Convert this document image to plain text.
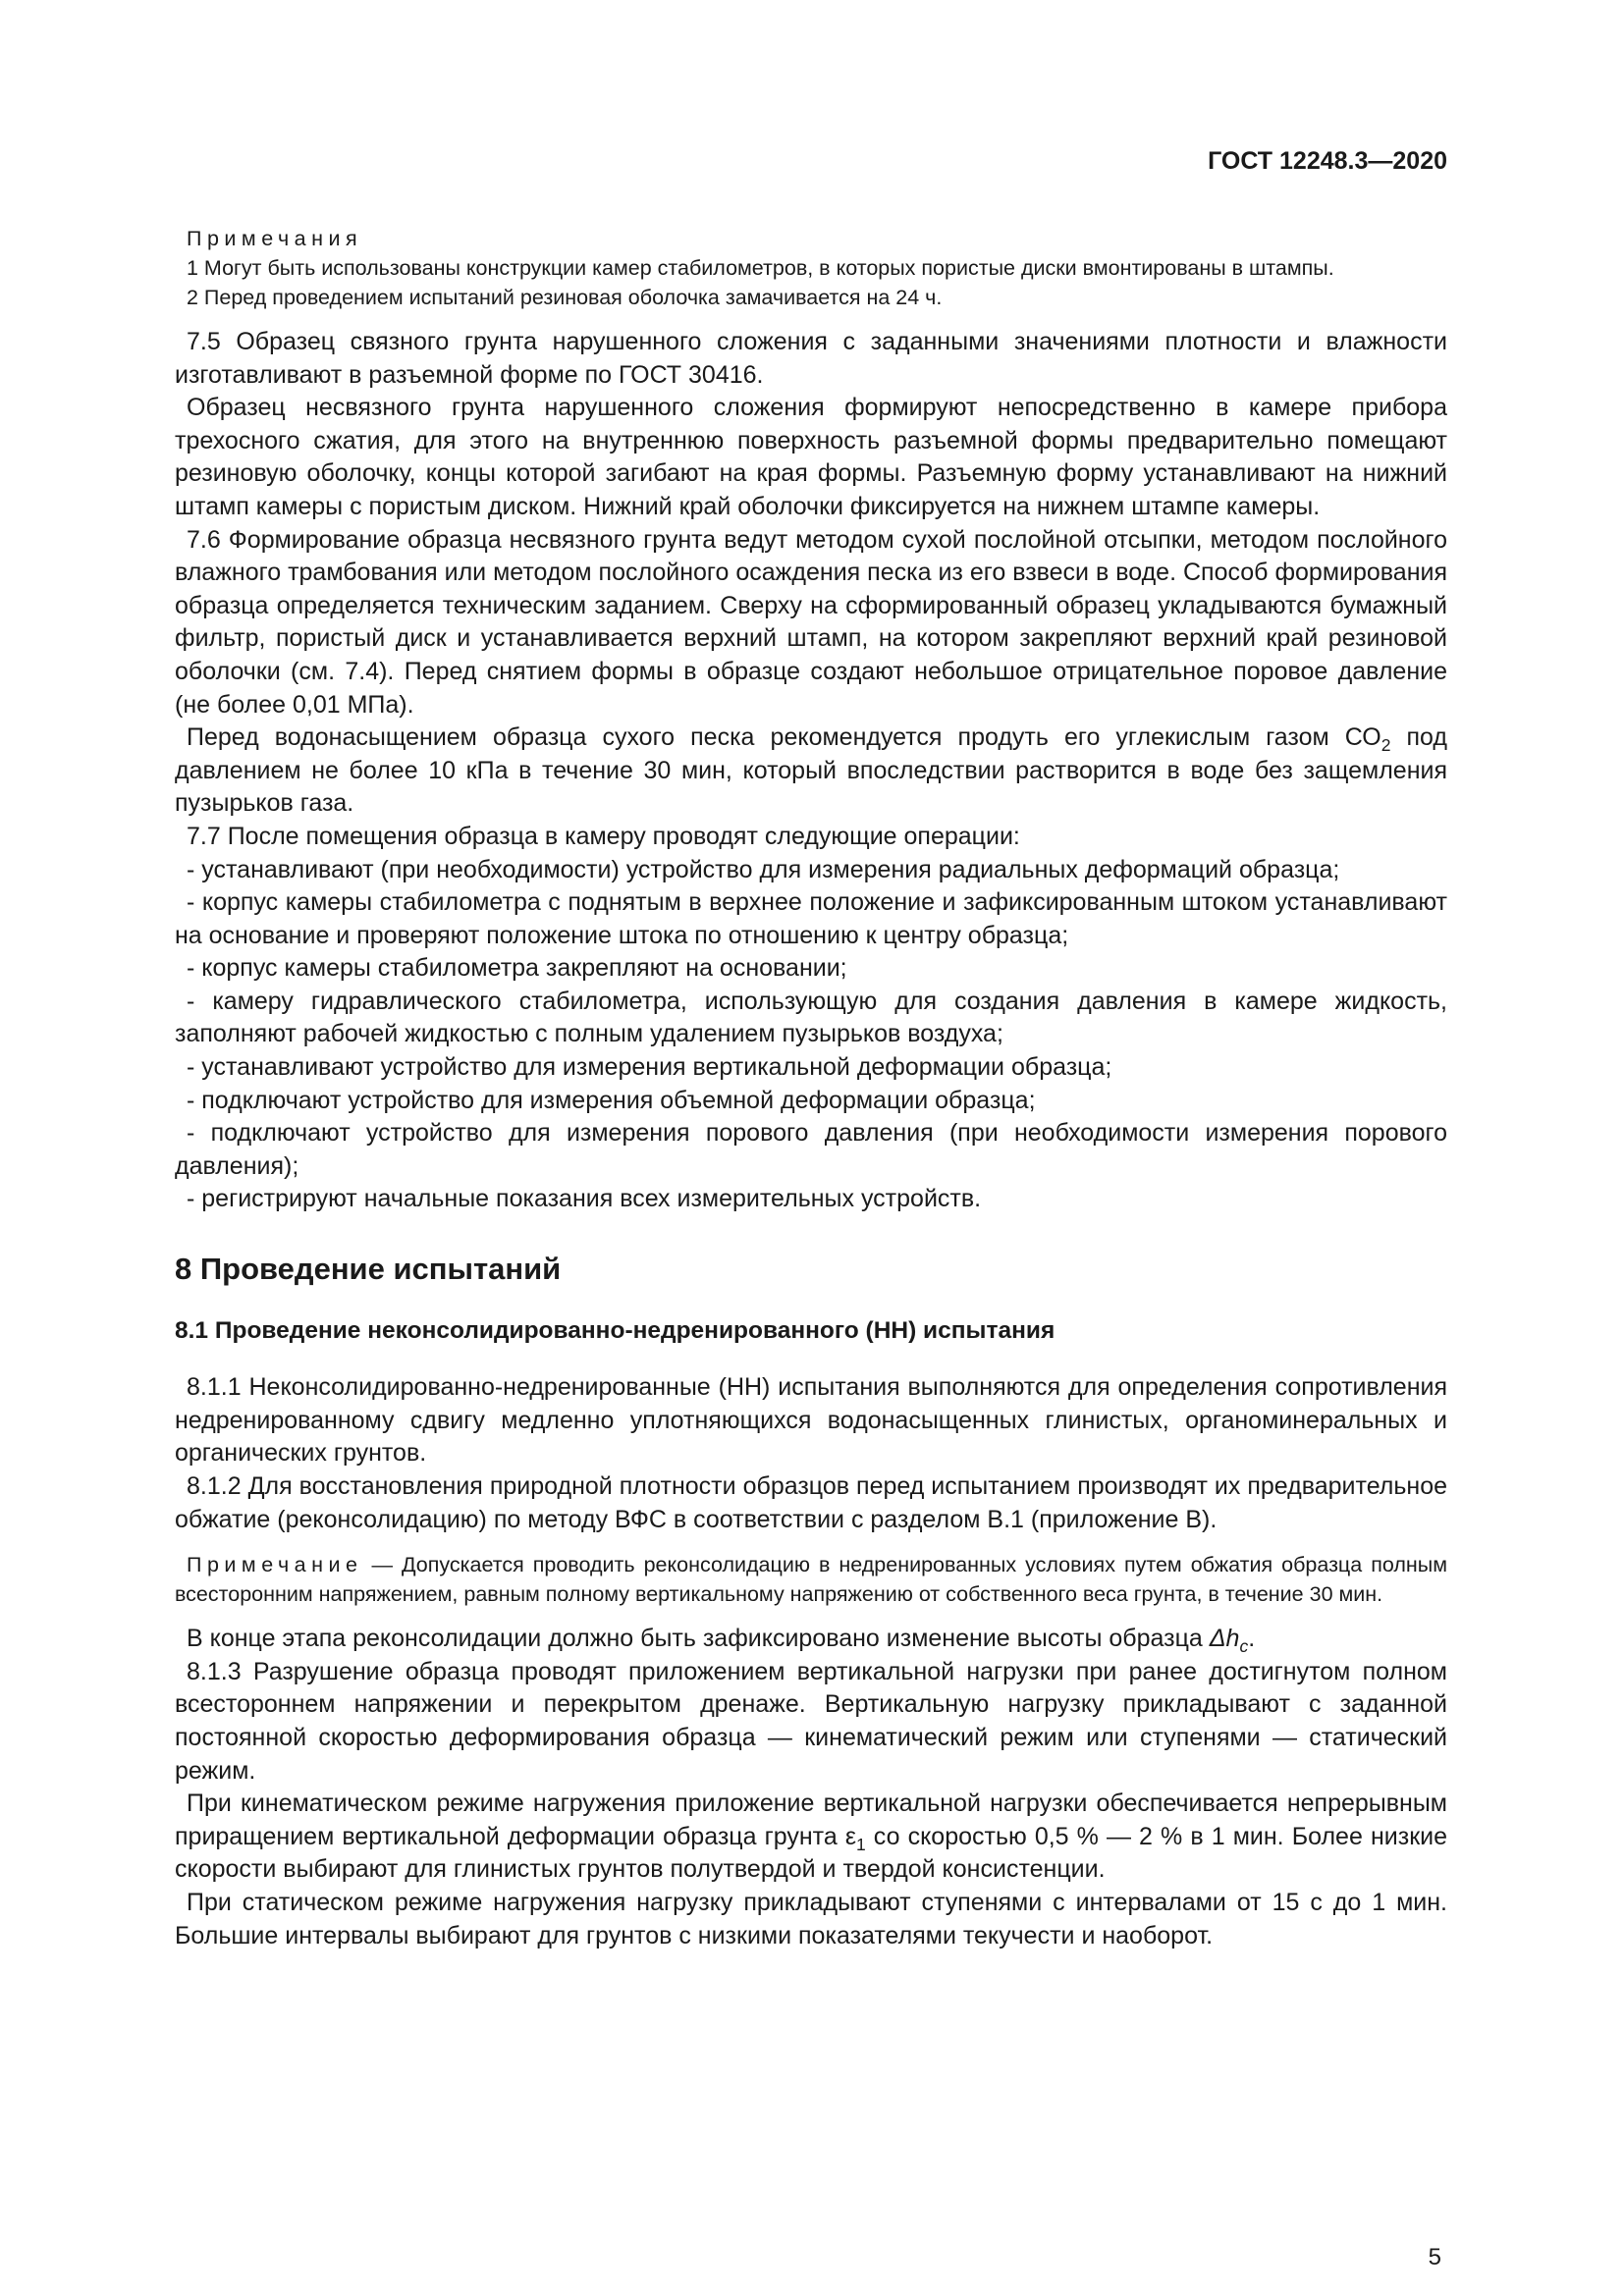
ГОСТ 12248.3—2020

Примечания

1 Могут быть использованы конструкции камер стабилометров, в которых пористые диски вмонтированы в штампы.

2 Перед проведением испытаний резиновая оболочка замачивается на 24 ч.

7.5 Образец связного грунта нарушенного сложения с заданными значениями плотности и влажности изготавливают в разъемной форме по ГОСТ 30416.

Образец несвязного грунта нарушенного сложения формируют непосредственно в камере прибора трехосного сжатия, для этого на внутреннюю поверхность разъемной формы предварительно помещают резиновую оболочку, концы которой загибают на края формы. Разъемную форму устанавливают на нижний штамп камеры с пористым диском. Нижний край оболочки фиксируется на нижнем штампе камеры.

7.6 Формирование образца несвязного грунта ведут методом сухой послойной отсыпки, методом послойного влажного трамбования или методом послойного осаждения песка из его взвеси в воде. Способ формирования образца определяется техническим заданием. Сверху на сформированный образец укладываются бумажный фильтр, пористый диск и устанавливается верхний штамп, на котором закрепляют верхний край резиновой оболочки (см. 7.4). Перед снятием формы в образце создают небольшое отрицательное поровое давление (не более 0,01 МПа).

Перед водонасыщением образца сухого песка рекомендуется продуть его углекислым газом $СО_2$ под давлением не более 10 кПа в течение 30 мин, который впоследствии растворится в воде без защемления пузырьков газа.

7.7 После помещения образца в камеру проводят следующие операции:

- устанавливают (при необходимости) устройство для измерения радиальных деформаций образца;

- корпус камеры стабилометра с поднятым в верхнее положение и зафиксированным штоком устанавливают на основание и проверяют положение штока по отношению к центру образца;

- корпус камеры стабилометра закрепляют на основании;

- камеру гидравлического стабилометра, использующую для создания давления в камере жидкость, заполняют рабочей жидкостью с полным удалением пузырьков воздуха;

- устанавливают устройство для измерения вертикальной деформации образца;

- подключают устройство для измерения объемной деформации образца;

- подключают устройство для измерения порового давления (при необходимости измерения порового давления);

- регистрируют начальные показания всех измерительных устройств.

8 Проведение испытаний
8.1 Проведение неконсолидированно-недренированного (НН) испытания

8.1.1 Неконсолидированно-недренированные (НН) испытания выполняются для определения сопротивления недренированному сдвигу медленно уплотняющихся водонасыщенных глинистых, органоминеральных и органических грунтов.

8.1.2 Для восстановления природной плотности образцов перед испытанием производят их предварительное обжатие (реконсолидацию) по методу ВФС в соответствии с разделом В.1 (приложение В).

Примечание — Допускается проводить реконсолидацию в недренированных условиях путем обжатия образца полным всесторонним напряжением, равным полному вертикальному напряжению от собственного веса грунта, в течение 30 мин.

В конце этапа реконсолидации должно быть зафиксировано изменение высоты образца $\Delta h_c$.

8.1.3 Разрушение образца проводят приложением вертикальной нагрузки при ранее достигнутом полном всестороннем напряжении и перекрытом дренаже. Вертикальную нагрузку прикладывают с заданной постоянной скоростью деформирования образца — кинематический режим или ступенями — статический режим.

При кинематическом режиме нагружения приложение вертикальной нагрузки обеспечивается непрерывным приращением вертикальной деформации образца грунта $\varepsilon_1$ со скоростью 0,5 % — 2 % в 1 мин. Более низкие скорости выбирают для глинистых грунтов полутвердой и твердой консистенции.

При статическом режиме нагружения нагрузку прикладывают ступенями с интервалами от 15 с до 1 мин. Большие интервалы выбирают для грунтов с низкими показателями текучести и наоборот.

5
